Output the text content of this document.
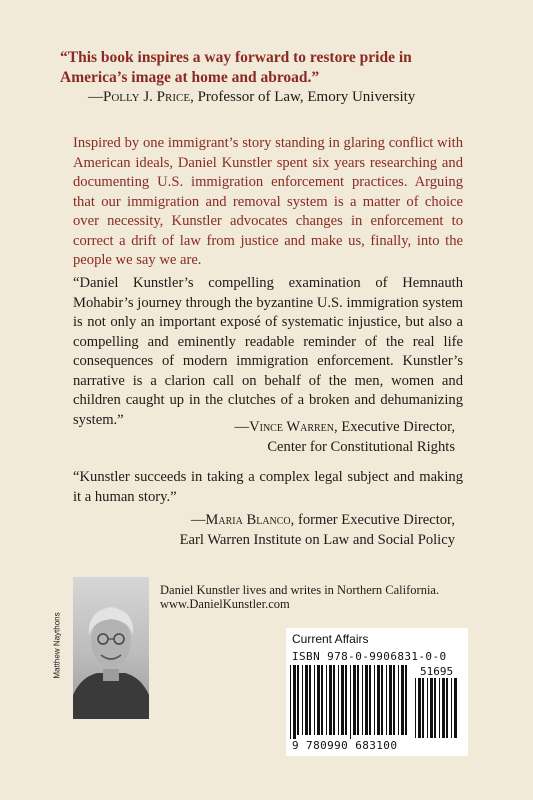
“This book inspires a way forward to restore pride in America’s image at home and abroad.”
—Polly J. Price, Professor of Law, Emory University
Inspired by one immigrant’s story standing in glaring conflict with American ideals, Daniel Kunstler spent six years researching and documenting U.S. immigration enforcement practices. Arguing that our immigration and removal system is a matter of choice over necessity, Kunstler advocates changes in enforcement to correct a drift of law from justice and make us, finally, into the people we say we are.
“Daniel Kunstler’s compelling examination of Hemnauth Mohabir’s journey through the byzantine U.S. immigration system is not only an important exposé of systematic injustice, but also a compelling and eminently readable reminder of the real life consequences of modern immigration enforcement. Kunstler’s narrative is a clarion call on behalf of the men, women and children caught up in the clutches of a broken and dehumanizing system.”	—Vince Warren, Executive Director,
Center for Constitutional Rights
“Kunstler succeeds in taking a complex legal subject and making it a human story.”
—Maria Blanco, former Executive Director,
Earl Warren Institute on Law and Social Policy
Matthew Naythons
Daniel Kunstler lives and writes in Northern California.
www.DanielKunstler.com
Current Affairs
ISBN 978-0-9906831-0-0
51695
9 780990 683100
